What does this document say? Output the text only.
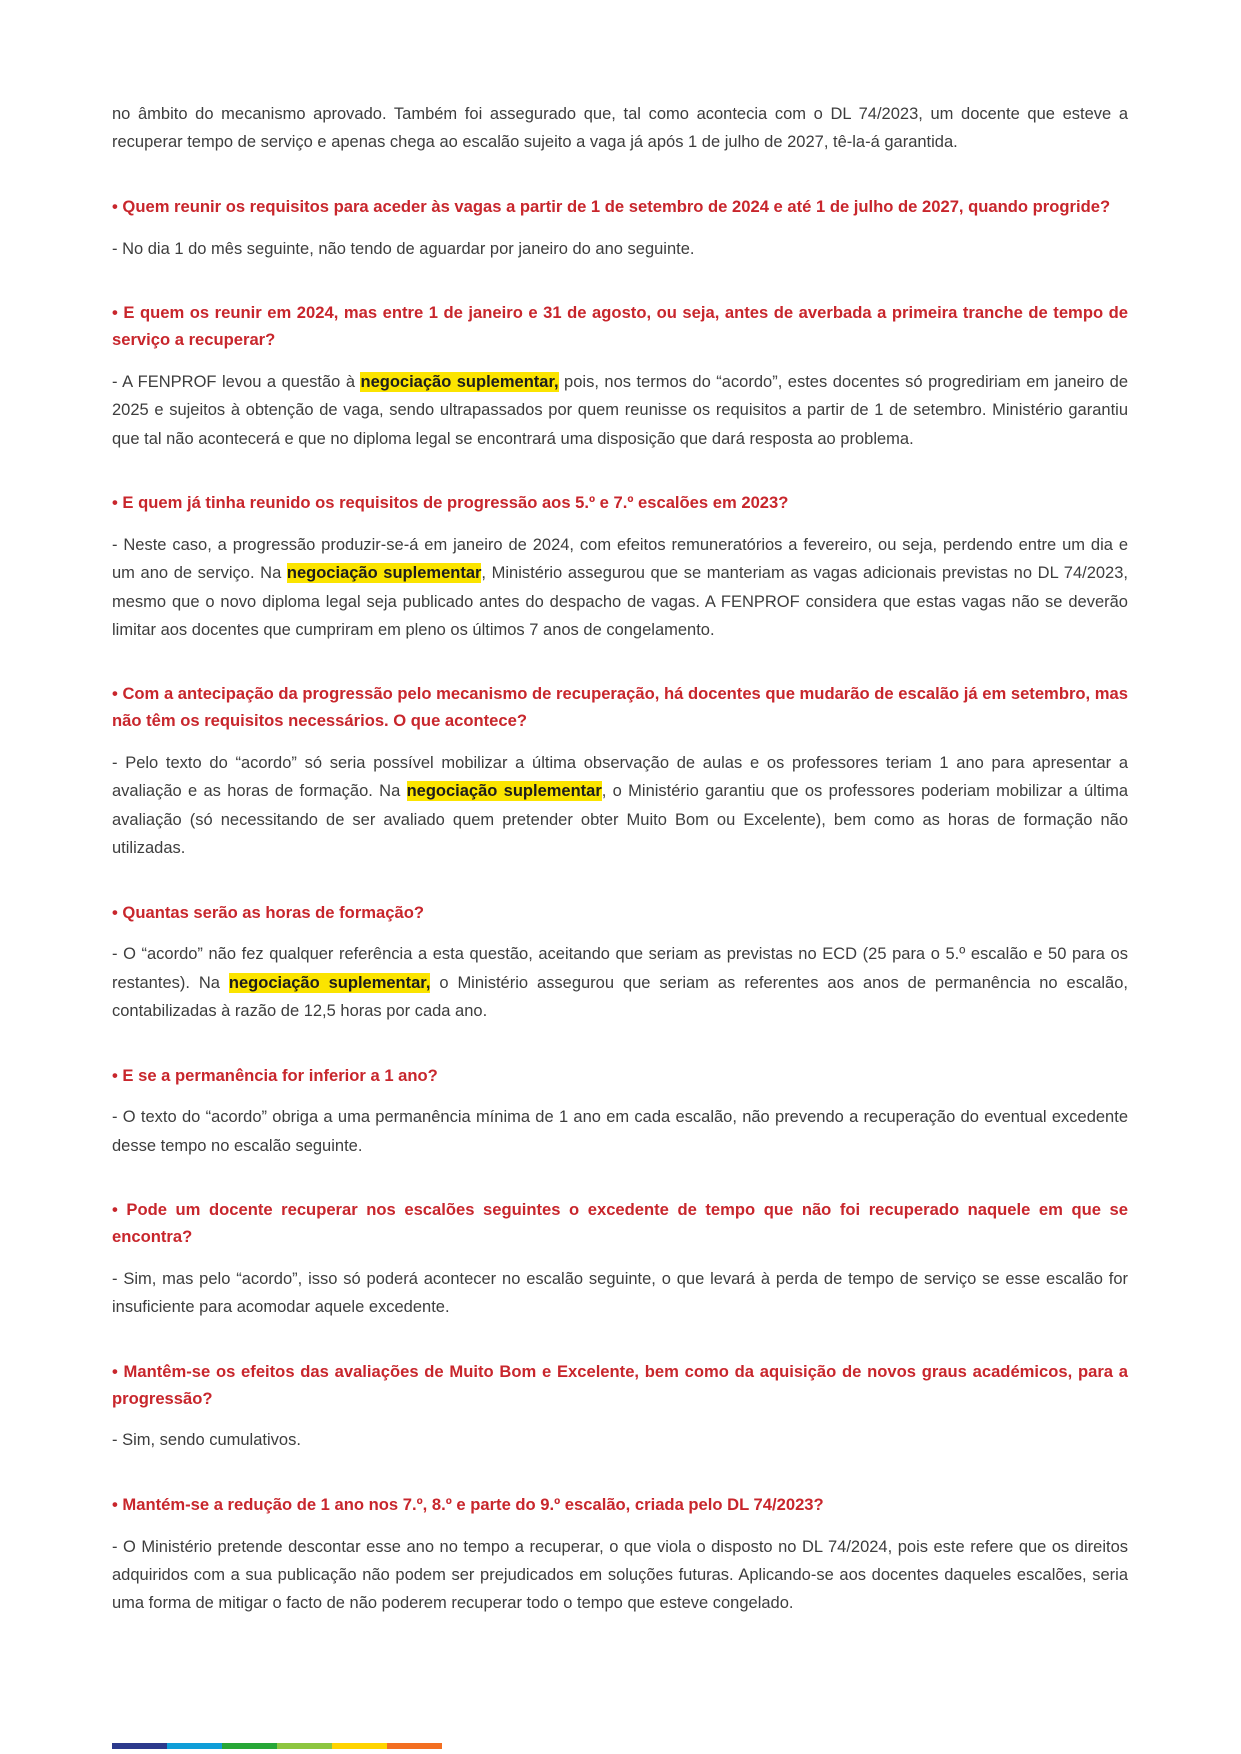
no âmbito do mecanismo aprovado. Também foi assegurado que, tal como acontecia com o DL 74/2023, um docente que esteve a recuperar tempo de serviço e apenas chega ao escalão sujeito a vaga já após 1 de julho de 2027, tê-la-á garantida.

• Quem reunir os requisitos para aceder às vagas a partir de 1 de setembro de 2024 e até 1 de julho de 2027, quando progride?

- No dia 1 do mês seguinte, não tendo de aguardar por janeiro do ano seguinte.

• E quem os reunir em 2024, mas entre 1 de janeiro e 31 de agosto, ou seja, antes de averbada a primeira tranche de tempo de serviço a recuperar?

- A FENPROF levou a questão à negociação suplementar, pois, nos termos do “acordo”, estes docentes só progrediriam em janeiro de 2025 e sujeitos à obtenção de vaga, sendo ultrapassados por quem reunisse os requisitos a partir de 1 de setembro. Ministério garantiu que tal não acontecerá e que no diploma legal se encontrará uma disposição que dará resposta ao problema.

• E quem já tinha reunido os requisitos de progressão aos 5.º e 7.º escalões em 2023?

- Neste caso, a progressão produzir-se-á em janeiro de 2024, com efeitos remuneratórios a fevereiro, ou seja, perdendo entre um dia e um ano de serviço. Na negociação suplementar, Ministério assegurou que se manteriam as vagas adicionais previstas no DL 74/2023, mesmo que o novo diploma legal seja publicado antes do despacho de vagas. A FENPROF considera que estas vagas não se deverão limitar aos docentes que cumpriram em pleno os últimos 7 anos de congelamento.

• Com a antecipação da progressão pelo mecanismo de recuperação, há docentes que mudarão de escalão já em setembro, mas não têm os requisitos necessários. O que acontece?

- Pelo texto do “acordo” só seria possível mobilizar a última observação de aulas e os professores teriam 1 ano para apresentar a avaliação e as horas de formação. Na negociação suplementar, o Ministério garantiu que os professores poderiam mobilizar a última avaliação (só necessitando de ser avaliado quem pretender obter Muito Bom ou Excelente), bem como as horas de formação não utilizadas.

• Quantas serão as horas de formação?

- O “acordo” não fez qualquer referência a esta questão, aceitando que seriam as previstas no ECD (25 para o 5.º escalão e 50 para os restantes). Na negociação suplementar, o Ministério assegurou que seriam as referentes aos anos de permanência no escalão, contabilizadas à razão de 12,5 horas por cada ano.

• E se a permanência for inferior a 1 ano?

- O texto do “acordo” obriga a uma permanência mínima de 1 ano em cada escalão, não prevendo a recuperação do eventual excedente desse tempo no escalão seguinte.

• Pode um docente recuperar nos escalões seguintes o excedente de tempo que não foi recuperado naquele em que se encontra?

- Sim, mas pelo “acordo”, isso só poderá acontecer no escalão seguinte, o que levará à perda de tempo de serviço se esse escalão for insuficiente para acomodar aquele excedente.

• Mantêm-se os efeitos das avaliações de Muito Bom e Excelente, bem como da aquisição de novos graus académicos, para a progressão?

- Sim, sendo cumulativos.

• Mantém-se a redução de 1 ano nos 7.º, 8.º e parte do 9.º escalão, criada pelo DL 74/2023?

- O Ministério pretende descontar esse ano no tempo a recuperar, o que viola o disposto no DL 74/2024, pois este refere que os direitos adquiridos com a sua publicação não podem ser prejudicados em soluções futuras. Aplicando-se aos docentes daqueles escalões, seria uma forma de mitigar o facto de não poderem recuperar todo o tempo que esteve congelado.
